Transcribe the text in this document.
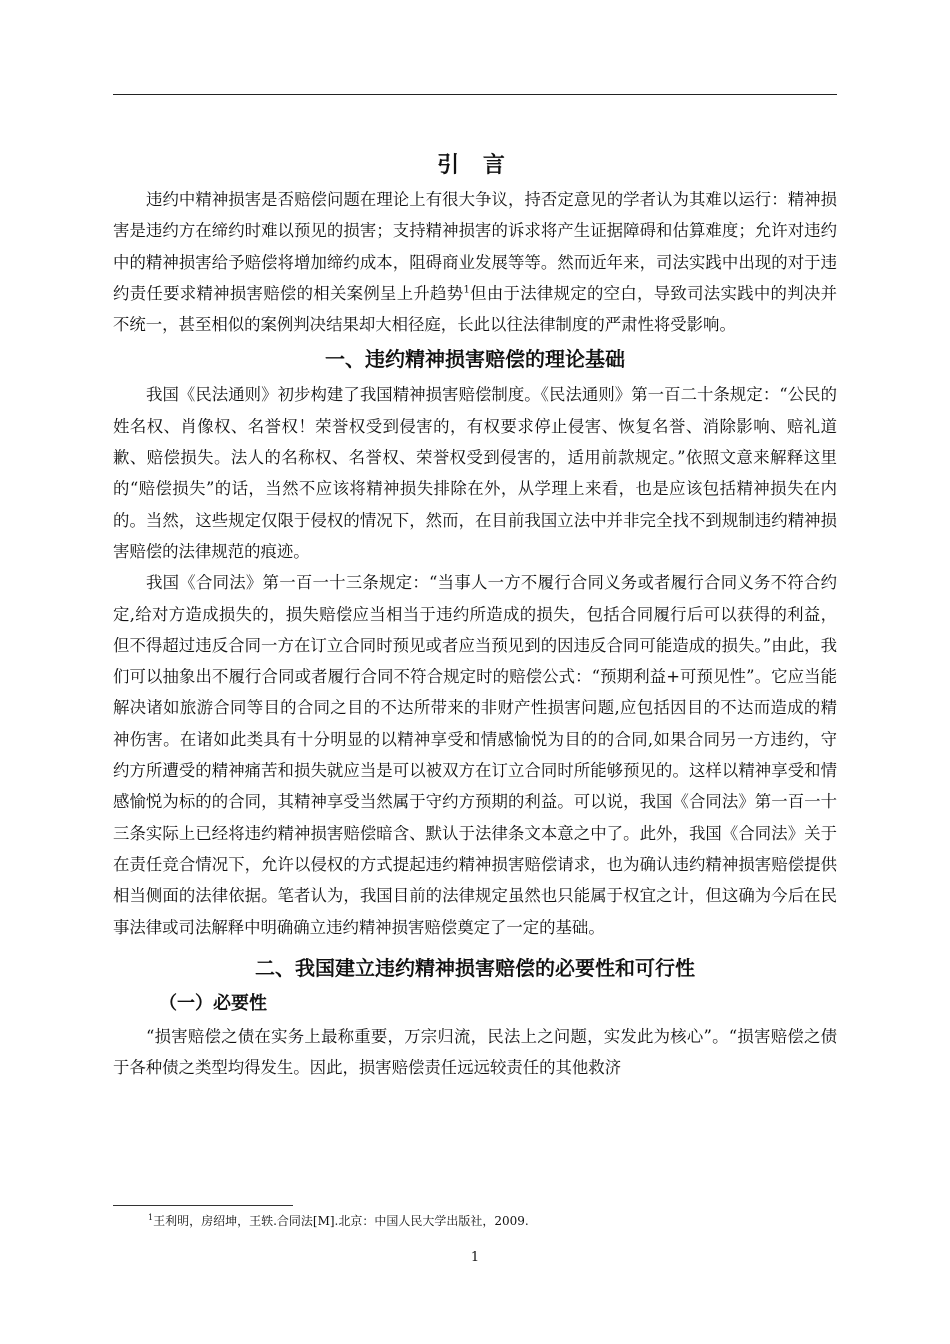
引 言

违约中精神损害是否赔偿问题在理论上有很大争议，持否定意见的学者认为其难以运行：精神损害是违约方在缔约时难以预见的损害；支持精神损害的诉求将产生证据障碍和估算难度；允许对违约中的精神损害给予赔偿将增加缔约成本，阻碍商业发展等等。然而近年来，司法实践中出现的对于违约责任要求精神损害赔偿的相关案例呈上升趋势$^1$但由于法律规定的空白，导致司法实践中的判决并不统一，甚至相似的案例判决结果却大相径庭，长此以往法律制度的严肃性将受影响。

一、违约精神损害赔偿的理论基础

我国《民法通则》初步构建了我国精神损害赔偿制度。《民法通则》第一百二十条规定：“公民的姓名权、肖像权、名誉权！荣誉权受到侵害的，有权要求停止侵害、恢复名誉、消除影响、赔礼道歉、赔偿损失。法人的名称权、名誉权、荣誉权受到侵害的，适用前款规定。”依照文意来解释这里的“赔偿损失”的话，当然不应该将精神损失排除在外，从学理上来看，也是应该包括精神损失在内的。当然，这些规定仅限于侵权的情况下，然而，在目前我国立法中并非完全找不到规制违约精神损害赔偿的法律规范的痕迹。

我国《合同法》第一百一十三条规定：“当事人一方不履行合同义务或者履行合同义务不符合约定,给对方造成损失的，损失赔偿应当相当于违约所造成的损失，包括合同履行后可以获得的利益，但不得超过违反合同一方在订立合同时预见或者应当预见到的因违反合同可能造成的损失。”由此，我们可以抽象出不履行合同或者履行合同不符合规定时的赔偿公式：“预期利益+可预见性”。它应当能解决诸如旅游合同等目的合同之目的不达所带来的非财产性损害问题,应包括因目的不达而造成的精神伤害。在诸如此类具有十分明显的以精神享受和情感愉悦为目的的合同,如果合同另一方违约，守约方所遭受的精神痛苦和损失就应当是可以被双方在订立合同时所能够预见的。这样以精神享受和情感愉悦为标的的合同，其精神享受当然属于守约方预期的利益。可以说，我国《合同法》第一百一十三条实际上已经将违约精神损害赔偿暗含、默认于法律条文本意之中了。此外，我国《合同法》关于在责任竞合情况下，允许以侵权的方式提起违约精神损害赔偿请求，也为确认违约精神损害赔偿提供相当侧面的法律依据。笔者认为，我国目前的法律规定虽然也只能属于权宜之计，但这确为今后在民事法律或司法解释中明确确立违约精神损害赔偿奠定了一定的基础。

二、我国建立违约精神损害赔偿的必要性和可行性
（一）必要性

“损害赔偿之债在实务上最称重要，万宗归流，民法上之问题，实发此为核心”。“损害赔偿之债于各种债之类型均得发生。因此，损害赔偿责任远远较责任的其他救济

$^1$王利明，房绍坤，王轶.合同法[M].北京：中国人民大学出版社，2009.

1
